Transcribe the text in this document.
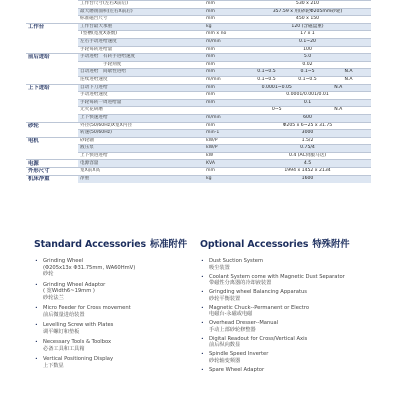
	工作台尺寸(左右X前后)	mm	530 x 210
	最大磨削面积(左右X前后)	mm	357.59 x 用(砂轮Φ205mm砂轮)
	标准磁台尺寸	mm	450 x 150
工作台	工作台最大承重	kg	120 (含磁盘重)
	T型槽(宽度X条数)	mm x no	17 x 1
	左右手动进给速度	m/min	0.1~20
	手轮每转进给量	mm	100
前后进给	手动进给　有转手进给速度	mm	5.0
	　　　　　手轮刻度	mm	0.02
	自动进给　间歇性进给	mm	0.1~0.5 0.1~5 N.A
	连续进给速度	m/min	0.1~0.5 0.1~0.5 N.A
上下进给	自动下刀进给	mm	0.0001~0.05 N.A
	手动进给速度	mm	0.0001/0.001/0.01
	手轮每转一周进给量	mm	0.1
	无火花研磨		0~5 N.A
	上下快速进给	m/min	600
砂轮	外径(50/60Hz)X宽X内径	mm	Φ205 x 6~25 x 31.75
	转速(50/60Hz)	min-1	3000
电机	砂轮轴	kW/P	1.5/2
	液压泵	kW/P	0.75/4
	上下快进进给	kW	0.4 (AC伺服马达)
电源	电源容量	KVA	4.5
外形尺寸	宽X前X高	mm	1994 x 1452 x 2134
机床净重	净重	kg	1600
Standard Accessories 标准附件
• Grinding Wheel
(Φ205x13x Φ31.75mm, WA60HmV)
砂轮
• Grinding Wheel Adaptor
( 宽Width6~19mm )
砂轮法兰
• Micro Feeder for Cross movement
前后微量进给装置
• Levelling Screw with Plates
调平螺钉和垫板
• Necessary Tools & Toolbox
必备工具和工具箱
• Vertical Positioning Display
上下数显
Optional Accessories 特殊附件
• Dust Suction System
吸尘装置
• Coolant System come with Magnetic Dust Separator
带磁性分离器的冷却液装置
• Gringding wheel Balancing Apparatus
砂轮平衡装置
• Magnetic Chuck--Permanent or Electro
电磁台-永磁或电磁
• Overhead Dresser--Manual
手动上部砂轮修整器
• Digital Readout for Cross/Vertical Axis
前后纵向数显
• Spindle Speed Inverter
砂轮轴变频器
• Spare Wheel Adaptor
